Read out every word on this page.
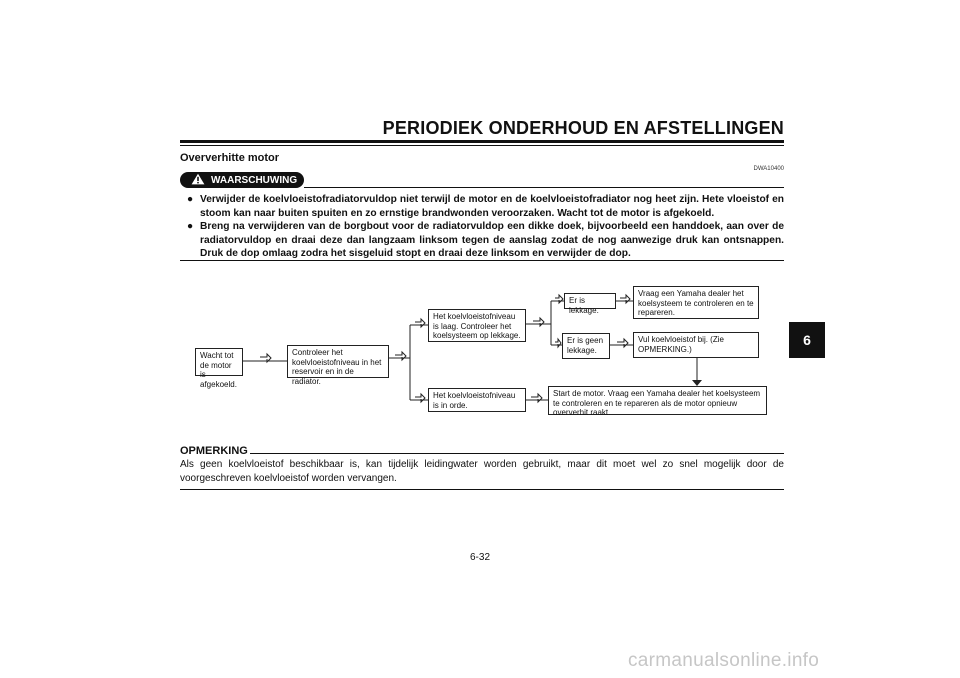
PERIODIEK ONDERHOUD EN AFSTELLINGEN
Oververhitte motor
DWA10400
WAARSCHUWING
● Verwijder de koelvloeistofradiatorvuldop niet terwijl de motor en de koelvloeistofradiator nog heet zijn. Hete vloeistof en stoom kan naar buiten spuiten en zo ernstige brandwonden veroorzaken. Wacht tot de motor is afgekoeld.
● Breng na verwijderen van de borgbout voor de radiatorvuldop een dikke doek, bijvoorbeeld een handdoek, aan over de radiatorvuldop en draai deze dan langzaam linksom tegen de aanslag zodat de nog aanwezige druk kan ontsnappen. Druk de dop omlaag zodra het sisgeluid stopt en draai deze linksom en verwijder de dop.
Wacht tot de motor is afgekoeld.
Controleer het koelvloeistofniveau in het reservoir en in de radiator.
Het koelvloeistofniveau is laag. Controleer het koelsysteem op lekkage.
Het koelvloeistofniveau is in orde.
Er is lekkage.
Er is geen lekkage.
Vraag een Yamaha dealer het koelsysteem te controleren en te repareren.
Vul koelvloeistof bij. (Zie OPMERKING.)
Start de motor. Vraag een Yamaha dealer het koelsysteem te controleren en te repareren als de motor opnieuw oververhit raakt.
OPMERKING
Als geen koelvloeistof beschikbaar is, kan tijdelijk leidingwater worden gebruikt, maar dit moet wel zo snel mogelijk door de voorgeschreven koelvloeistof worden vervangen.
6
6-32
carmanualsonline.info
